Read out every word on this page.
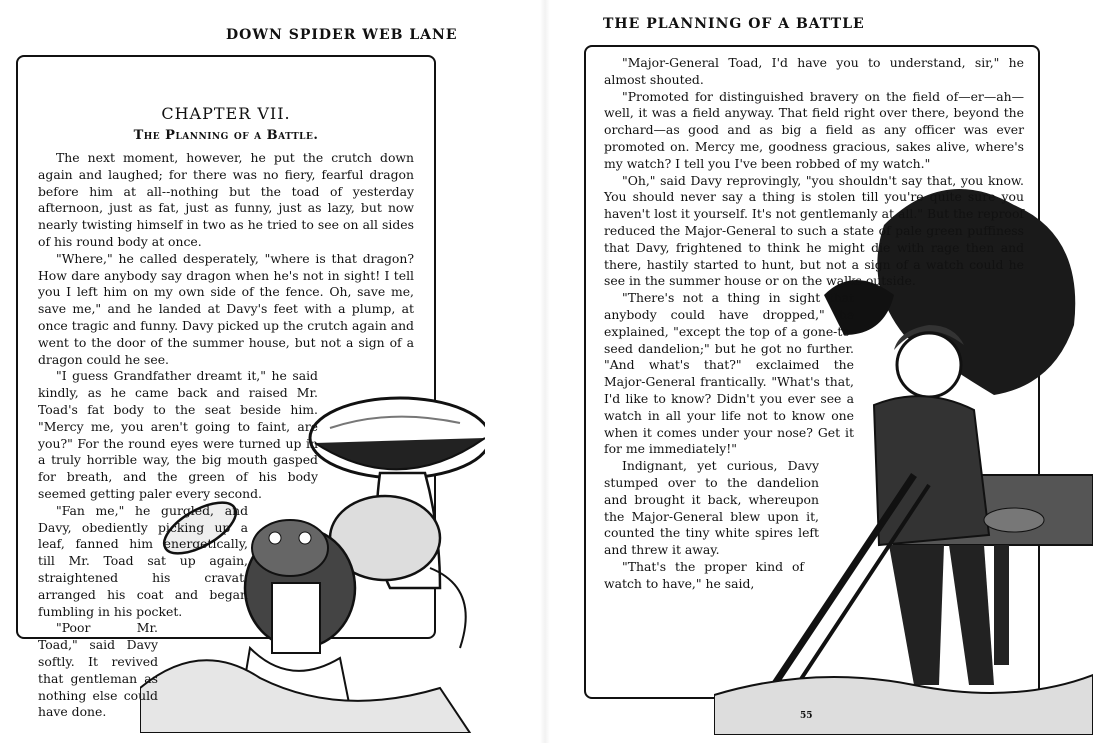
DOWN SPIDER WEB LANE
CHAPTER VII.
The Planning of a Battle.

The next moment, however, he put the crutch down again and laughed; for there was no fiery, fearful dragon before him at all--nothing but the toad of yesterday afternoon, just as fat, just as funny, just as lazy, but now nearly twisting himself in two as he tried to see on all sides of his round body at once.

"Where," he called desperately, "where is that dragon? How dare anybody say dragon when he's not in sight! I tell you I left him on my own side of the fence. Oh, save me, save me," and he landed at Davy's feet with a plump, at once tragic and funny. Davy picked up the crutch again and went to the door of the summer house, but not a sign of a dragon could he see.

"I guess Grandfather dreamt it," he said kindly, as he came back and raised Mr. Toad's fat body to the seat beside him. "Mercy me, you aren't going to faint, are you?" For the round eyes were turned up in a truly horrible way, the big mouth gasped for breath, and the green of his body seemed getting paler every second.

"Fan me," he gurgled, and Davy, obediently picking up a leaf, fanned him energetically, till Mr. Toad sat up again, straightened his cravat, arranged his coat and began fumbling in his pocket.

"Poor Mr. Toad," said Davy softly. It revived that gentleman as nothing else could have done.

THE PLANNING OF A BATTLE

"Major-General Toad, I'd have you to understand, sir," he almost shouted.

"Promoted for distinguished bravery on the field of—er—ah—well, it was a field anyway. That field right over there, beyond the orchard—as good and as big a field as any officer was ever promoted on. Mercy me, goodness gracious, sakes alive, where's my watch? I tell you I've been robbed of my watch."

"Oh," said Davy reprovingly, "you shouldn't say that, you know. You should never say a thing is stolen till you're quite sure you haven't lost it yourself. It's not gentlemanly at all." But the reproof reduced the Major-General to such a state of pale green puffiness that Davy, frightened to think he might die with rage then and there, hastily started to hunt, but not a sign of a watch could he see in the summer house or on the walks outside.

"There's not a thing in sight that anybody could have dropped," he explained, "except the top of a gone-to-seed dandelion;" but he got no further. "And what's that?" exclaimed the Major-General frantically. "What's that, I'd like to know? Didn't you ever see a watch in all your life not to know one when it comes under your nose? Get it for me immediately!"

Indignant, yet curious, Davy stumped over to the dandelion and brought it back, whereupon the Major-General blew upon it, counted the tiny white spires left and threw it away.

"That's the proper kind of watch to have," he said,

55
